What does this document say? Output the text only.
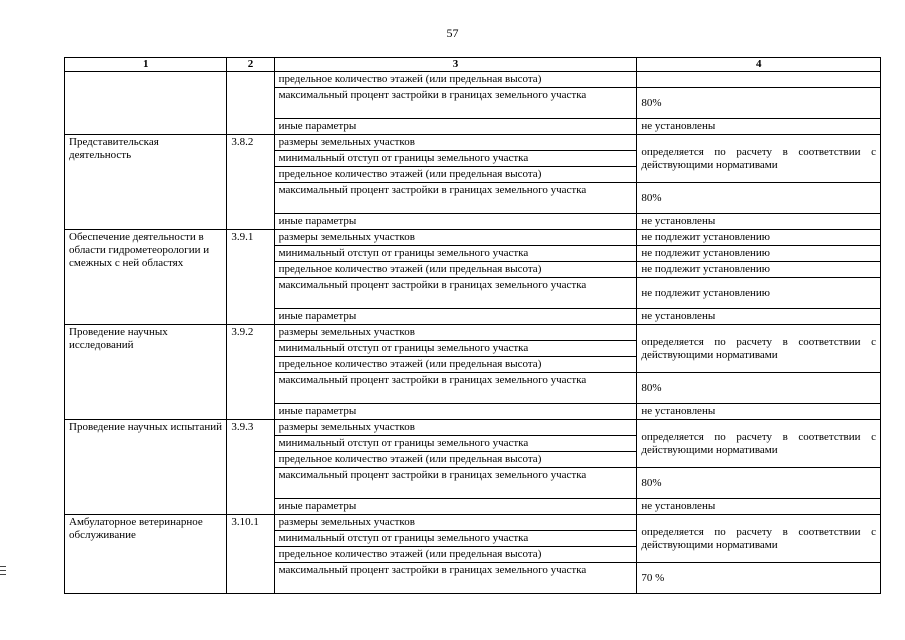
57
1	2	3	4
		предельное количество этажей (или предельная высота)	
		максимальный процент застройки в границах земельного участка	80%
		иные параметры	не установлены
Представительская деятельность	3.8.2	размеры земельных участков	определяется по расчету в соответствии с действующими нормативами
		минимальный отступ от границы земельного участка	
		предельное количество этажей (или предельная высота)	
		максимальный процент застройки в границах земельного участка	80%
		иные параметры	не установлены
Обеспечение деятельности в области гидрометеорологии и смежных с ней областях	3.9.1	размеры земельных участков	не подлежит установлению
		минимальный отступ от границы земельного участка	не подлежит установлению
		предельное количество этажей (или предельная высота)	не подлежит установлению
		максимальный процент застройки в границах земельного участка	не подлежит установлению
		иные параметры	не установлены
Проведение научных исследований	3.9.2	размеры земельных участков	определяется по расчету в соответствии с действующими нормативами
		минимальный отступ от границы земельного участка	
		предельное количество этажей (или предельная высота)	
		максимальный процент застройки в границах земельного участка	80%
		иные параметры	не установлены
Проведение научных испытаний	3.9.3	размеры земельных участков	определяется по расчету в соответствии с действующими нормативами
		минимальный отступ от границы земельного участка	
		предельное количество этажей (или предельная высота)	
		максимальный процент застройки в границах земельного участка	80%
		иные параметры	не установлены
Амбулаторное ветеринарное обслуживание	3.10.1	размеры земельных участков	определяется по расчету в соответствии с действующими нормативами
		минимальный отступ от границы земельного участка	
		предельное количество этажей (или предельная высота)	
		максимальный процент застройки в границах земельного участка	70 %
